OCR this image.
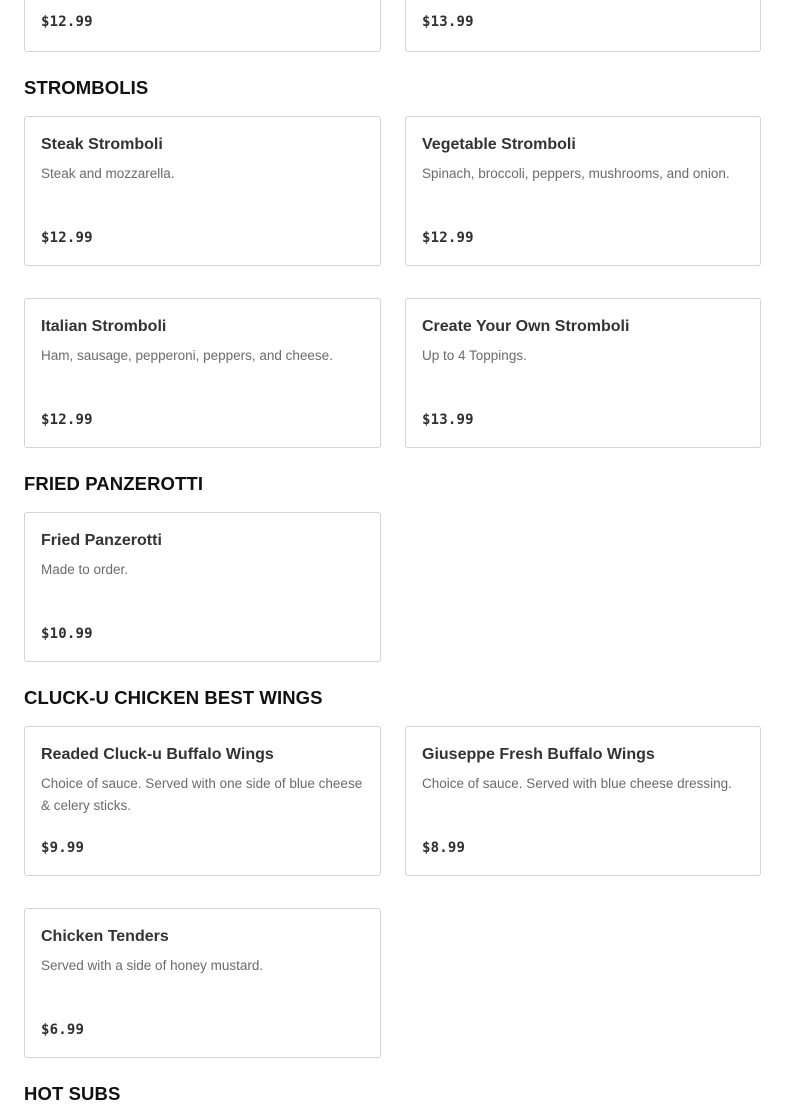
$12.99	$13.99
STROMBOLIS
Steak Stromboli
Steak and mozzarella.
$12.99
Vegetable Stromboli
Spinach, broccoli, peppers, mushrooms, and onion.
$12.99
Italian Stromboli
Ham, sausage, pepperoni, peppers, and cheese.
$12.99
Create Your Own Stromboli
Up to 4 Toppings.
$13.99
FRIED PANZEROTTI
Fried Panzerotti
Made to order.
$10.99
CLUCK-U CHICKEN BEST WINGS
Readed Cluck-u Buffalo Wings
Choice of sauce. Served with one side of blue cheese & celery sticks.
$9.99
Giuseppe Fresh Buffalo Wings
Choice of sauce. Served with blue cheese dressing.
$8.99
Chicken Tenders
Served with a side of honey mustard.
$6.99
HOT SUBS
